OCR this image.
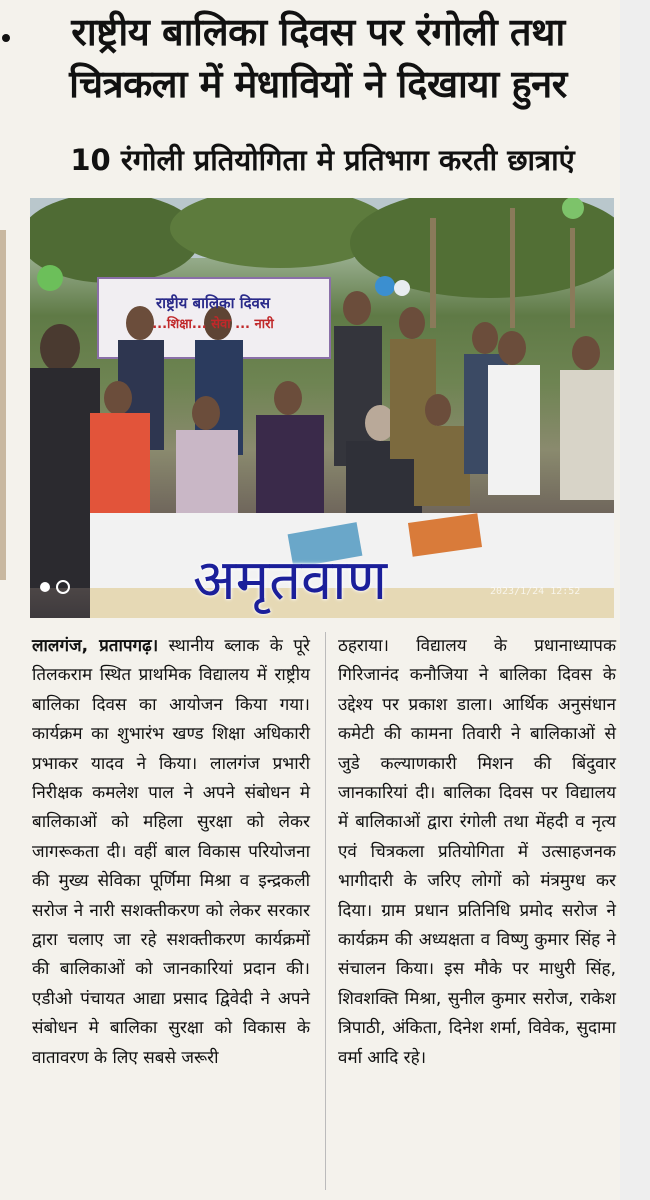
राष्ट्रीय बालिका दिवस पर रंगोली तथा
चित्रकला में मेधावियों ने दिखाया हुनर
10 रंगोली प्रतियोगिता मे प्रतिभाग करती छात्राएं
राष्ट्रीय बालिका दिवस
...शिक्षा... सेवा ... नारी
2023/1/24 12:52
अमृतवाण
लालगंज, प्रतापगढ़। स्थानीय ब्लाक के पूरे तिलकराम स्थित प्राथमिक विद्यालय में राष्ट्रीय बालिका दिवस का आयोजन किया गया। कार्यक्रम का शुभारंभ खण्ड शिक्षा अधिकारी प्रभाकर यादव ने किया। लालगंज प्रभारी निरीक्षक कमलेश पाल ने अपने संबोधन मे बालिकाओं को महिला सुरक्षा को लेकर जागरूकता दी। वहीं बाल विकास परियोजना की मुख्य सेविका पूर्णिमा मिश्रा व इन्द्रकली सरोज ने नारी सशक्तीकरण को लेकर सरकार द्वारा चलाए जा रहे सशक्तीकरण कार्यक्रमों की बालिकाओं को जानकारियां प्रदान की। एडीओ पंचायत आद्या प्रसाद द्विवेदी ने अपने संबोधन मे बालिका सुरक्षा को विकास के वातावरण के लिए सबसे जरूरी
ठहराया। विद्यालय के प्रधानाध्यापक गिरिजानंद कनौजिया ने बालिका दिवस के उद्देश्य पर प्रकाश डाला। आर्थिक अनुसंधान कमेटी की कामना तिवारी ने बालिकाओं से जुडे कल्याणकारी मिशन की बिंदुवार जानकारियां दी। बालिका दिवस पर विद्यालय में बालिकाओं द्वारा रंगोली तथा मेंहदी व नृत्य एवं चित्रकला प्रतियोगिता में उत्साहजनक भागीदारी के जरिए लोगों को मंत्रमुग्ध कर दिया। ग्राम प्रधान प्रतिनिधि प्रमोद सरोज ने कार्यक्रम की अध्यक्षता व विष्णु कुमार सिंह ने संचालन किया। इस मौके पर माधुरी सिंह, शिवशक्ति मिश्रा, सुनील कुमार सरोज, राकेश त्रिपाठी, अंकिता, दिनेश शर्मा, विवेक, सुदामा वर्मा आदि रहे।
